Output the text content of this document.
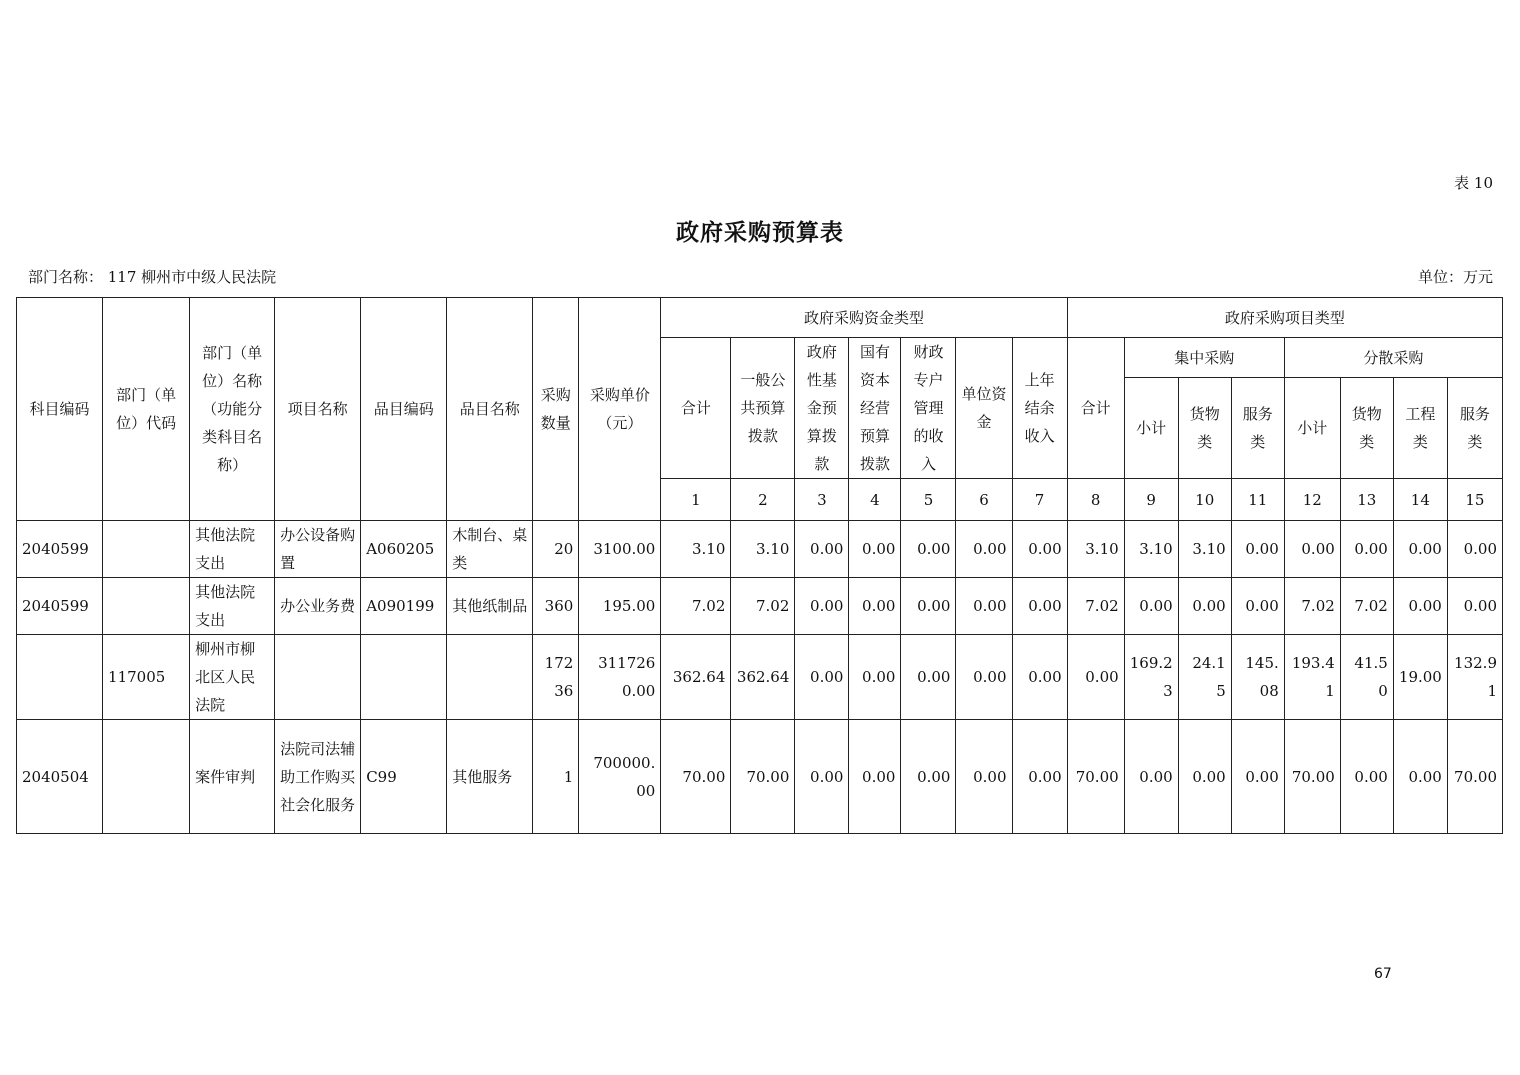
表 10
政府采购预算表
部门名称： 117 柳州市中级人民法院	单位：万元
科目编码	部门（单位）代码	部门（单位）名称（功能分类科目名称）	项目名称	品目编码	品目名称	采购数量	采购单价（元）	政府采购资金类型							政府采购项目类型							
								合计	一般公共预算拨款	政府性基金预算拨款	国有资本经营预算拨款	财政专户管理的收入	单位资金	上年结余收入	合计	集中采购			分散采购			
																小计	货物类	服务类	小计	货物类	工程类	服务类
								1	2	3	4	5	6	7	8	9	10	11	12	13	14	15
2040599		其他法院支出	办公设备购置	A060205	木制台、桌类	20	3100.00	3.10	3.10	0.00	0.00	0.00	0.00	0.00	3.10	3.10	3.10	0.00	0.00	0.00	0.00	0.00
2040599		其他法院支出	办公业务费	A090199	其他纸制品	360	195.00	7.02	7.02	0.00	0.00	0.00	0.00	0.00	7.02	0.00	0.00	0.00	7.02	7.02	0.00	0.00
	117005	柳州市柳北区人民法院				17236	3117260.00	362.64	362.64	0.00	0.00	0.00	0.00	0.00	0.00	169.23	24.15	145.08	193.41	41.50	19.00	132.91
2040504		案件审判	法院司法辅助工作购买社会化服务	C99	其他服务	1	700000.00	70.00	70.00	0.00	0.00	0.00	0.00	0.00	70.00	0.00	0.00	0.00	70.00	0.00	0.00	70.00
67
